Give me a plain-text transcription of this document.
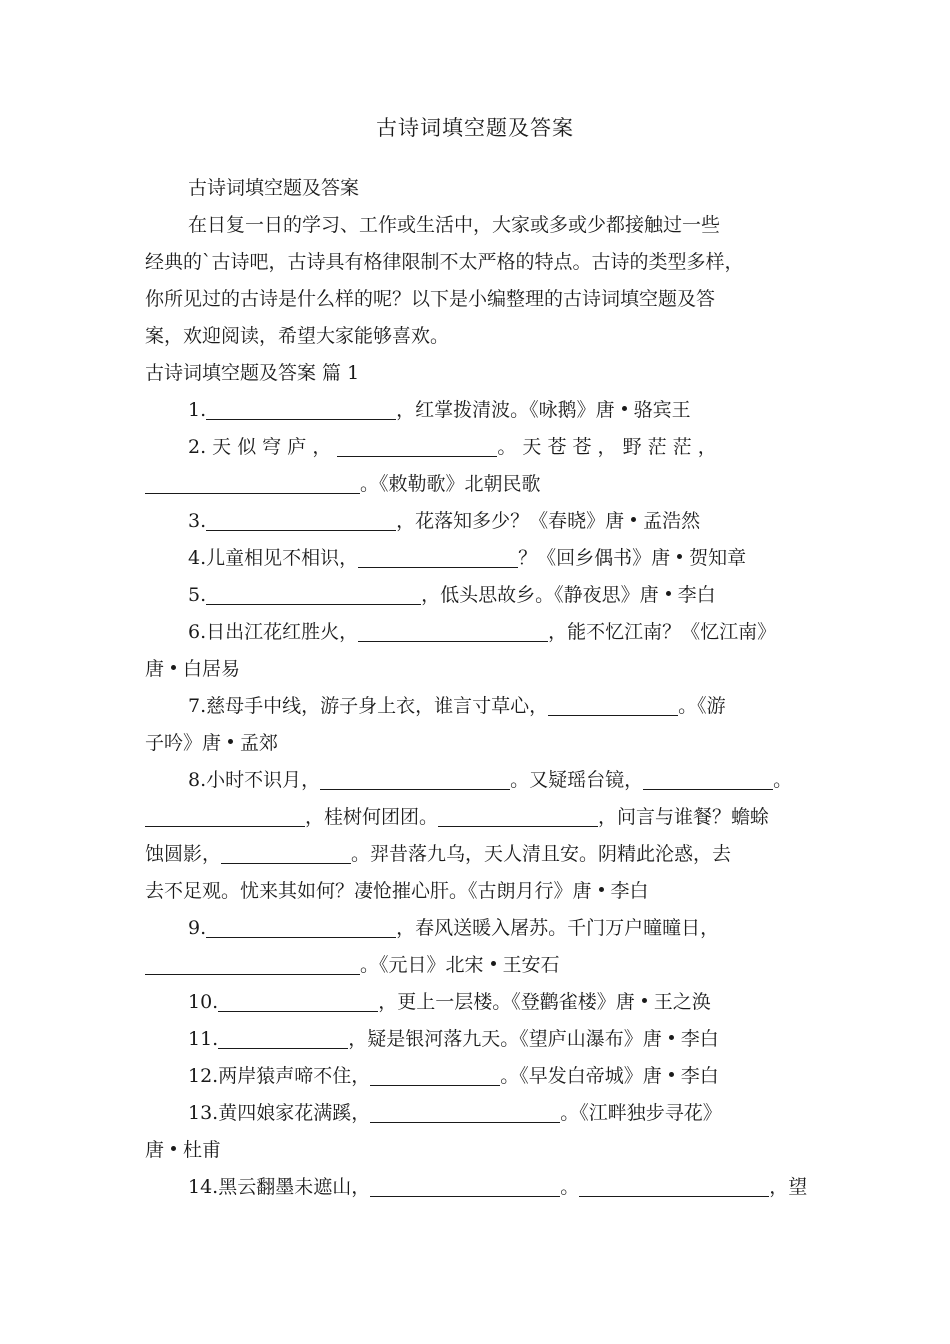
古诗词填空题及答案

古诗词填空题及答案

在日复一日的学习、工作或生活中，大家或多或少都接触过一些

经典的`古诗吧，古诗具有格律限制不太严格的特点。古诗的类型多样，

你所见过的古诗是什么样的呢？以下是小编整理的古诗词填空题及答

案，欢迎阅读，希望大家能够喜欢。

古诗词填空题及答案 篇 1

1.	，红掌拨清波。《咏鹅》唐 骆宾王

2. 天 似 穹 庐 ，	。 天 苍 苍 ， 野 茫 茫 ，

。《敕勒歌》北朝民歌

3.	，花落知多少？《春晓》唐 孟浩然

4.儿童相见不相识，	？《回乡偶书》唐 贺知章

5.	，低头思故乡。《静夜思》唐 李白

6.日出江花红胜火，	，能不忆江南？《忆江南》

唐 白居易

7.慈母手中线，游子身上衣，谁言寸草心，	。《游

子吟》唐 孟郊

8.小时不识月，	。又疑瑶台镜，	。

，桂树何团团。	，问言与谁餐？蟾蜍

蚀圆影，	。羿昔落九乌，天人清且安。阴精此沦惑，去

去不足观。忧来其如何？凄怆摧心肝。《古朗月行》唐 李白

9.	，春风送暖入屠苏。千门万户曈曈日，

。《元日》北宋 王安石

10.	，更上一层楼。《登鹳雀楼》唐 王之涣

11.	，疑是银河落九天。《望庐山瀑布》唐 李白

12.两岸猿声啼不住，	。《早发白帝城》唐 李白

13.黄四娘家花满蹊，	。《江畔独步寻花》

唐 杜甫

14.黑云翻墨未遮山，	。	，望
